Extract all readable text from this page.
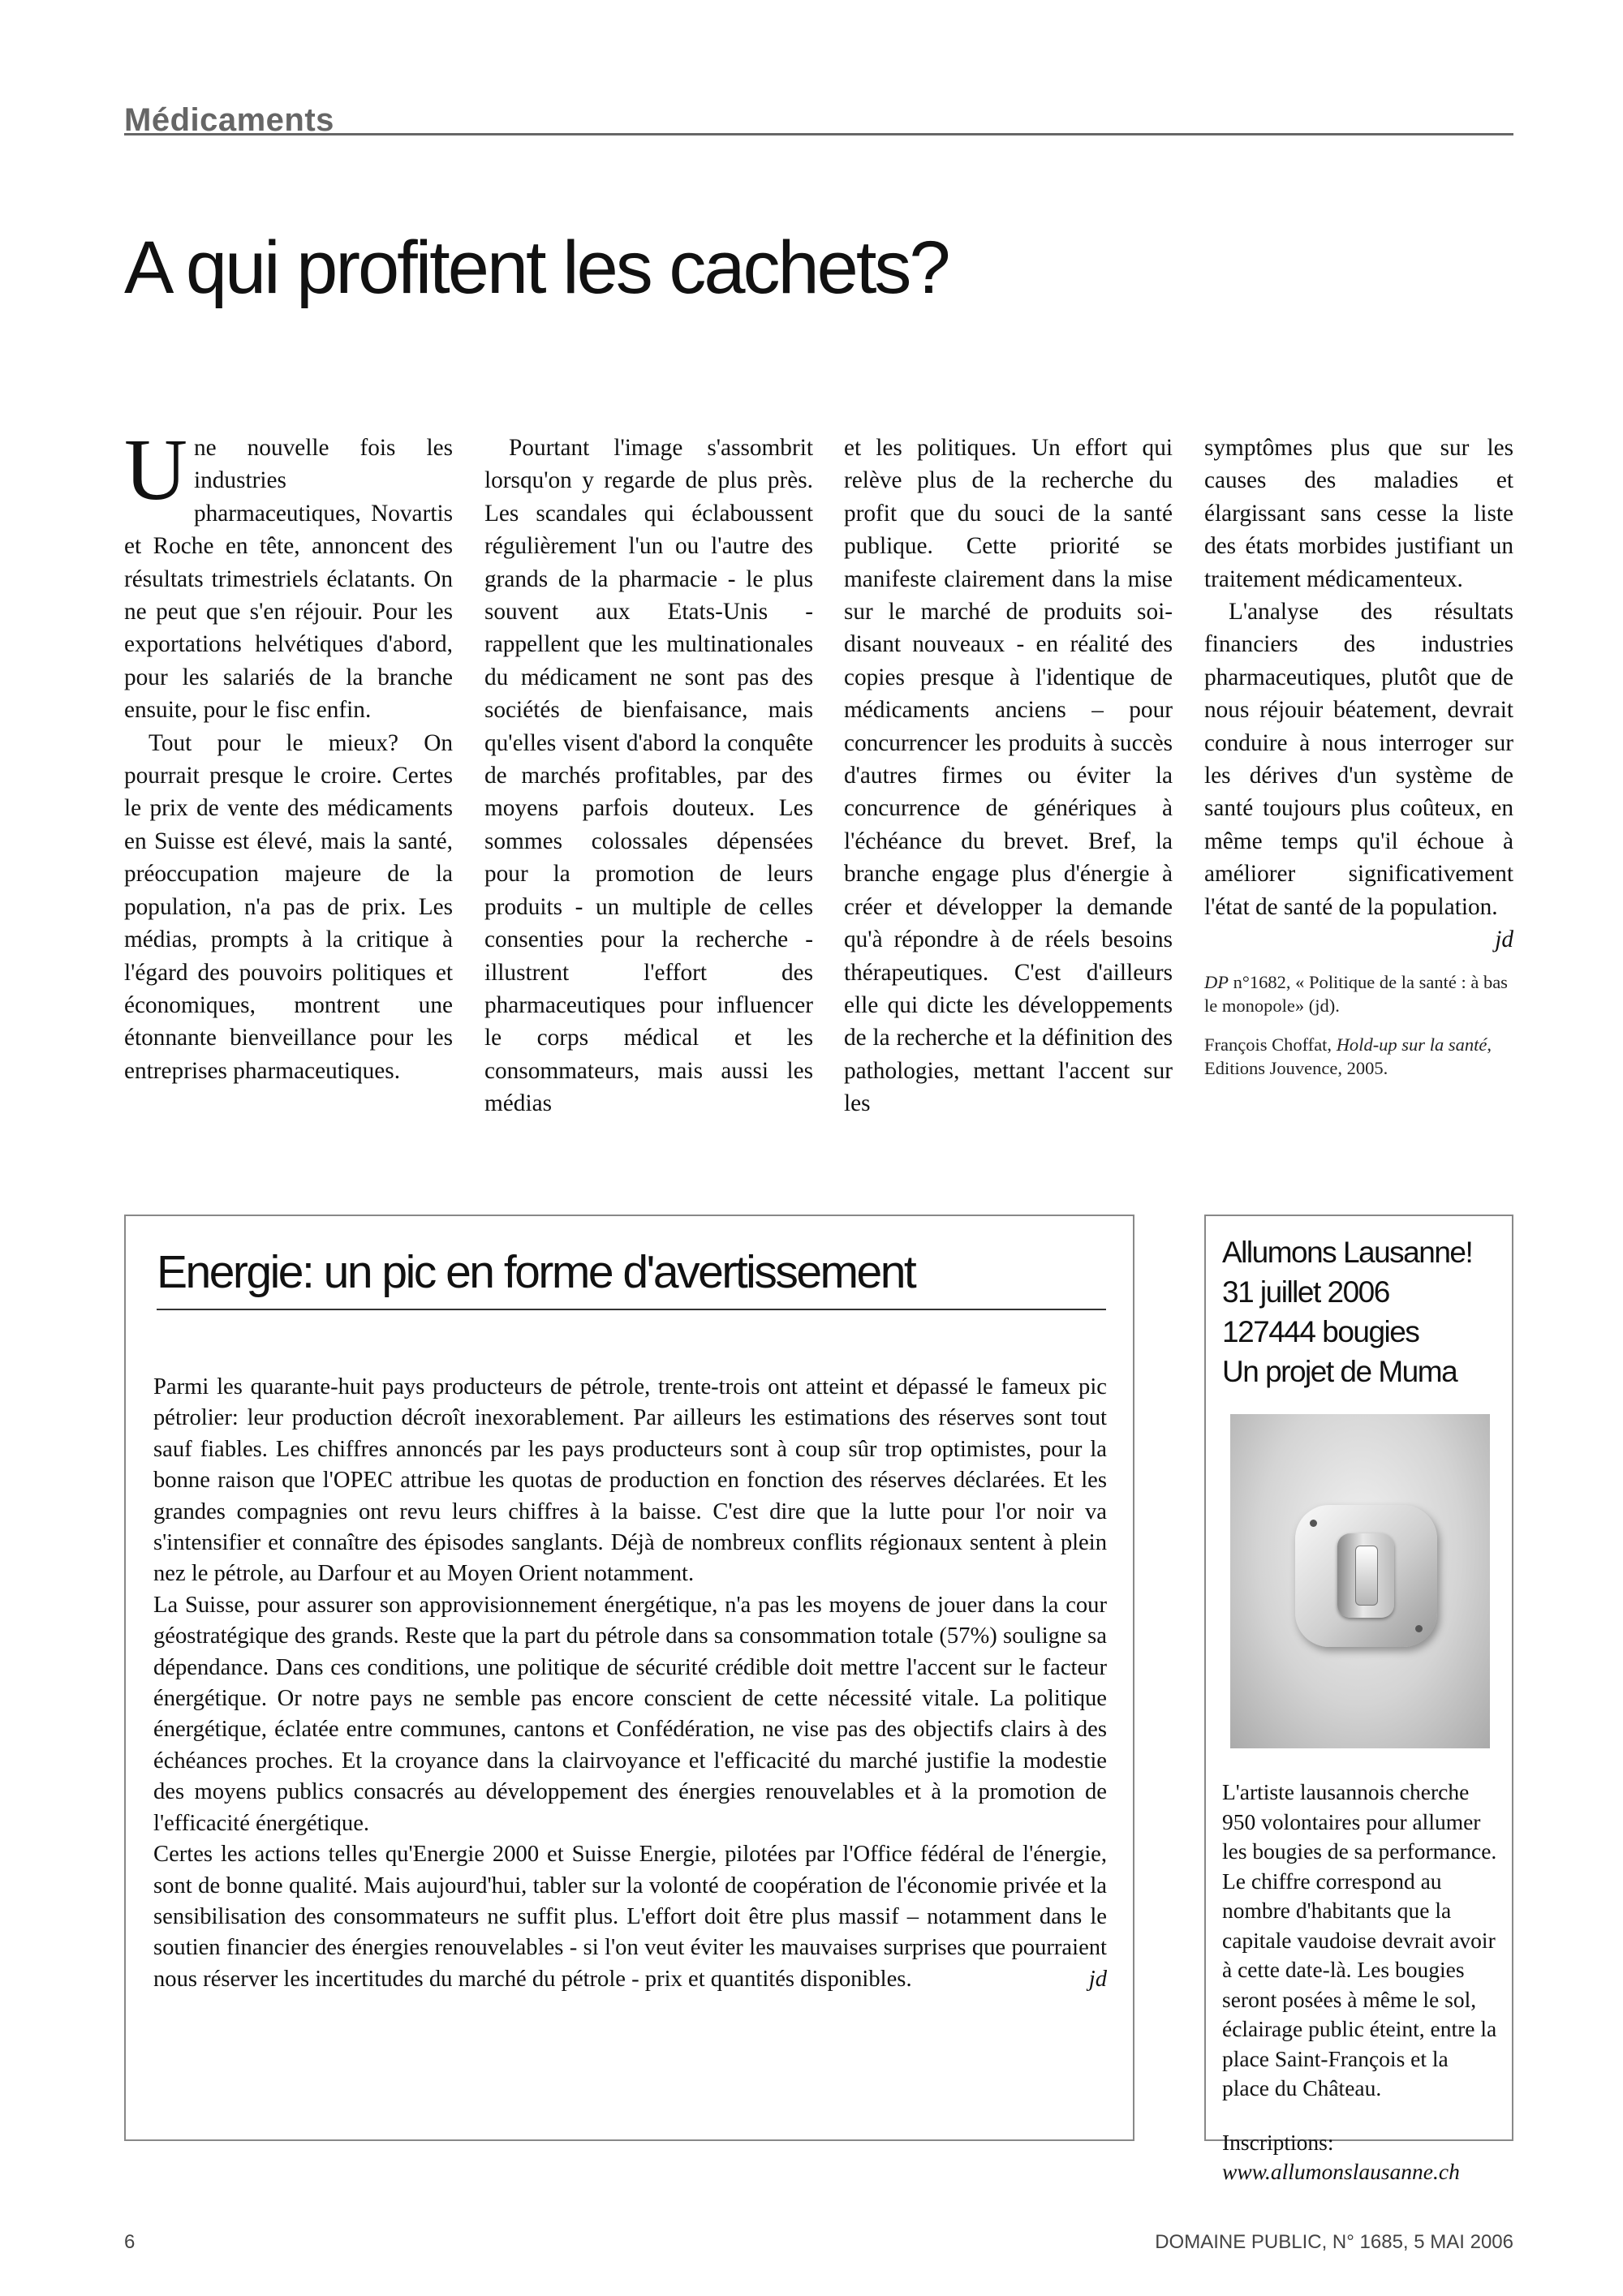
Médicaments
A qui profitent les cachets?

Une nouvelle fois les industries pharmaceutiques, Novartis et Roche en tête, annoncent des résultats trimestriels éclatants. On ne peut que s'en réjouir. Pour les exportations helvétiques d'abord, pour les salariés de la branche ensuite, pour le fisc enfin.

Tout pour le mieux? On pourrait presque le croire. Certes le prix de vente des médicaments en Suisse est élevé, mais la santé, préoccupation majeure de la population, n'a pas de prix. Les médias, prompts à la critique à l'égard des pouvoirs politiques et économiques, montrent une étonnante bienveillance pour les entreprises pharmaceutiques.

Pourtant l'image s'assombrit lorsqu'on y regarde de plus près. Les scandales qui éclaboussent régulièrement l'un ou l'autre des grands de la pharmacie - le plus souvent aux Etats-Unis - rappellent que les multinationales du médicament ne sont pas des sociétés de bienfaisance, mais qu'elles visent d'abord la conquête de marchés profitables, par des moyens parfois douteux. Les sommes colossales dépensées pour la promotion de leurs produits - un multiple de celles consenties pour la recherche - illustrent l'effort des pharmaceutiques pour influencer le corps médical et les consommateurs, mais aussi les médias

et les politiques. Un effort qui relève plus de la recherche du profit que du souci de la santé publique. Cette priorité se manifeste clairement dans la mise sur le marché de produits soi-disant nouveaux - en réalité des copies presque à l'identique de médicaments anciens – pour concurrencer les produits à succès d'autres firmes ou éviter la concurrence de génériques à l'échéance du brevet. Bref, la branche engage plus d'énergie à créer et développer la demande qu'à répondre à de réels besoins thérapeutiques. C'est d'ailleurs elle qui dicte les développements de la recherche et la définition des pathologies, mettant l'accent sur les

symptômes plus que sur les causes des maladies et élargissant sans cesse la liste des états morbides justifiant un traitement médicamenteux.

L'analyse des résultats financiers des industries pharmaceutiques, plutôt que de nous réjouir béatement, devrait conduire à nous interroger sur les dérives d'un système de santé toujours plus coûteux, en même temps qu'il échoue à améliorer significativement l'état de santé de la population.
jd

DP n°1682, « Politique de la santé : à bas le monopole» (jd).

François Choffat, Hold-up sur la santé, Editions Jouvence, 2005.

Energie: un pic en forme d'avertissement

Parmi les quarante-huit pays producteurs de pétrole, trente-trois ont atteint et dépassé le fameux pic pétrolier: leur production décroît inexorablement. Par ailleurs les estimations des réserves sont tout sauf fiables. Les chiffres annoncés par les pays producteurs sont à coup sûr trop optimistes, pour la bonne raison que l'OPEC attribue les quotas de production en fonction des réserves déclarées. Et les grandes compagnies ont revu leurs chiffres à la baisse. C'est dire que la lutte pour l'or noir va s'intensifier et connaître des épisodes sanglants. Déjà de nombreux conflits régionaux sentent à plein nez le pétrole, au Darfour et au Moyen Orient notamment.

La Suisse, pour assurer son approvisionnement énergétique, n'a pas les moyens de jouer dans la cour géostratégique des grands. Reste que la part du pétrole dans sa consommation totale (57%) souligne sa dépendance. Dans ces conditions, une politique de sécurité crédible doit mettre l'accent sur le facteur énergétique. Or notre pays ne semble pas encore conscient de cette nécessité vitale. La politique énergétique, éclatée entre communes, cantons et Confédération, ne vise pas des objectifs clairs à des échéances proches. Et la croyance dans la clairvoyance et l'efficacité du marché justifie la modestie des moyens publics consacrés au développement des énergies renouvelables et à la promotion de l'efficacité énergétique.

Certes les actions telles qu'Energie 2000 et Suisse Energie, pilotées par l'Office fédéral de l'énergie, sont de bonne qualité. Mais aujourd'hui, tabler sur la volonté de coopération de l'économie privée et la sensibilisation des consommateurs ne suffit plus. L'effort doit être plus massif – notamment dans le soutien financier des énergies renouvelables - si l'on veut éviter les mauvaises surprises que pourraient nous réserver les incertitudes du marché du pétrole - prix et quantités disponibles.	jd

Allumons Lausanne!
31 juillet 2006
127444 bougies
Un projet de Muma

L'artiste lausannois cherche 950 volontaires pour allumer les bougies de sa performance. Le chiffre correspond au nombre d'habitants que la capitale vaudoise devrait avoir à cette date-là. Les bougies seront posées à même le sol, éclairage public éteint, entre la place Saint-François et la place du Château.

Inscriptions:

www.allumonslausanne.ch

6	DOMAINE PUBLIC, N° 1685, 5 MAI 2006
